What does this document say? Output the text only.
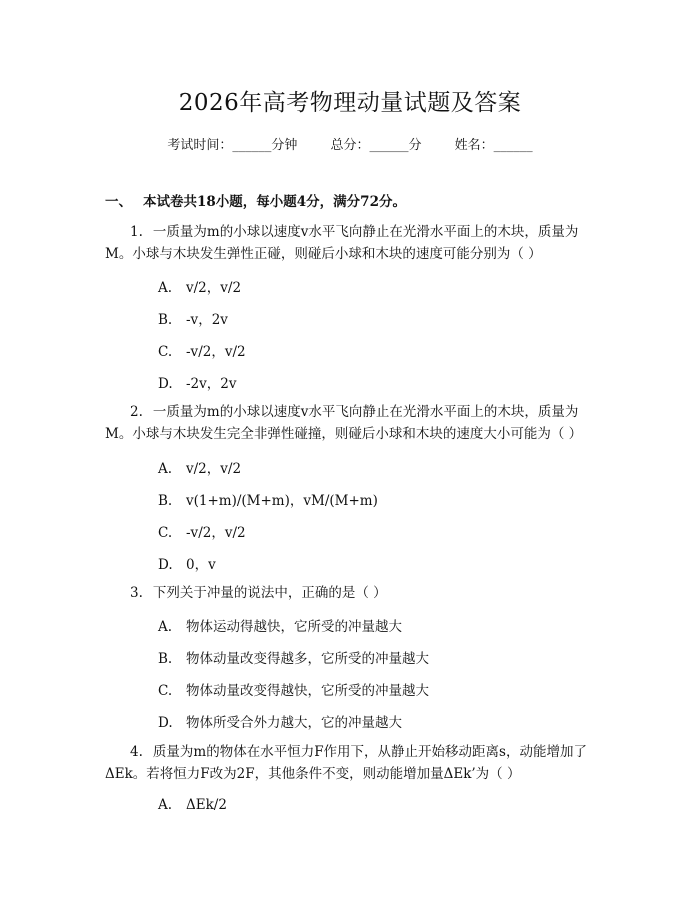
2026年高考物理动量试题及答案
考试时间：______分钟	总分：______分	姓名：______
一、 本试卷共18小题，每小题4分，满分72分。
1. 一质量为m的小球以速度v水平飞向静止在光滑水平面上的木块，质量为M。小球与木块发生弹性正碰，则碰后小球和木块的速度可能分别为（ ）
A. v/2，v/2
B. -v，2v
C. -v/2，v/2
D. -2v，2v
2. 一质量为m的小球以速度v水平飞向静止在光滑水平面上的木块，质量为M。小球与木块发生完全非弹性碰撞，则碰后小球和木块的速度大小可能为（ ）
A. v/2，v/2
B. v(1+m)/(M+m)，vM/(M+m)
C. -v/2，v/2
D. 0，v
3. 下列关于冲量的说法中，正确的是（ ）
A. 物体运动得越快，它所受的冲量越大
B. 物体动量改变得越多，它所受的冲量越大
C. 物体动量改变得越快，它所受的冲量越大
D. 物体所受合外力越大，它的冲量越大
4. 质量为m的物体在水平恒力F作用下，从静止开始移动距离s，动能增加了ΔEk。若将恒力F改为2F，其他条件不变，则动能增加量ΔEk’为（ ）
A. ΔEk/2
